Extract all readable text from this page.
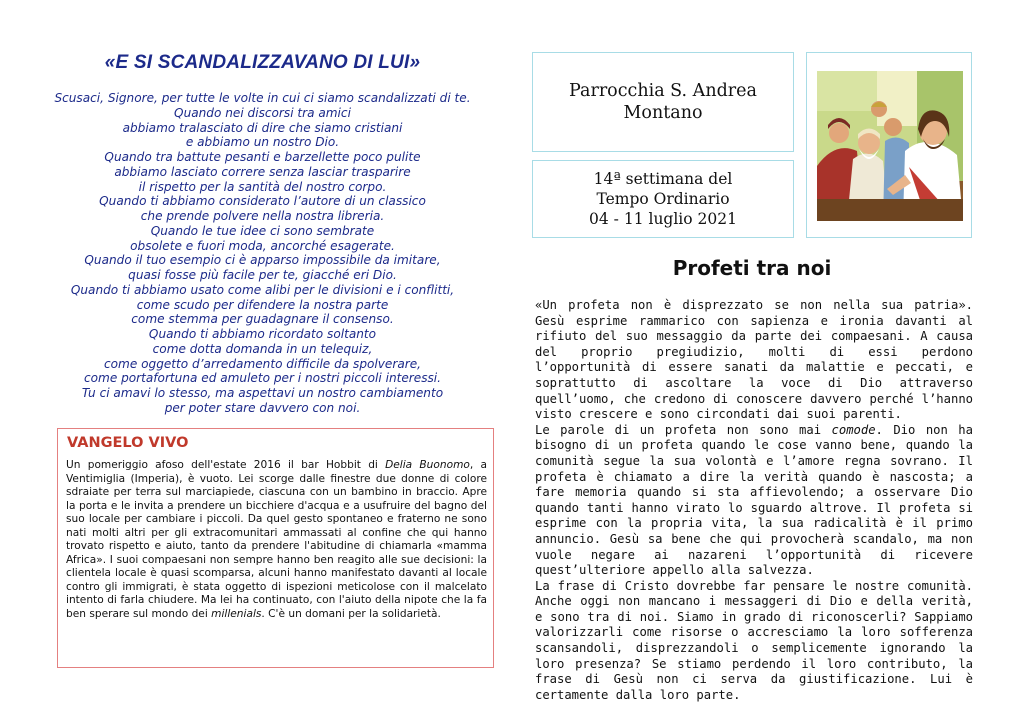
«E SI SCANDALIZZAVANO DI LUI»
Scusaci, Signore, per tutte le volte in cui ci siamo scandalizzati di te.
Quando nei discorsi tra amici
abbiamo tralasciato di dire che siamo cristiani
e abbiamo un nostro Dio.
Quando tra battute pesanti e barzellette poco pulite
abbiamo lasciato correre senza lasciar trasparire
il rispetto per la santità del nostro corpo.
Quando ti abbiamo considerato l’autore di un classico
che prende polvere nella nostra libreria.
Quando le tue idee ci sono sembrate
obsolete e fuori moda, ancorché esagerate.
Quando il tuo esempio ci è apparso impossibile da imitare,
quasi fosse più facile per te, giacché eri Dio.
Quando ti abbiamo usato come alibi per le divisioni e i conflitti,
come scudo per difendere la nostra parte
come stemma per guadagnare il consenso.
Quando ti abbiamo ricordato soltanto
come dotta domanda in un telequiz,
come oggetto d’arredamento difficile da spolverare,
come portafortuna ed amuleto per i nostri piccoli interessi.
Tu ci amavi lo stesso, ma aspettavi un nostro cambiamento
per poter stare davvero con noi.
VANGELO VIVO
Un pomeriggio afoso dell'estate 2016 il bar Hobbit di Delia Buonomo, a Ventimiglia (Imperia), è vuoto. Lei scorge dalle finestre due donne di colore sdraiate per terra sul marciapiede, ciascuna con un bambino in braccio. Apre la porta e le invita a prendere un bicchiere d'acqua e a usufruire del bagno del suo locale per cambiare i piccoli. Da quel gesto spontaneo e fraterno ne sono nati molti altri per gli extracomunitari ammassati al confine che qui hanno trovato rispetto e aiuto, tanto da prendere l'abitudine di chiamarla «mamma Africa». I suoi compaesani non sempre hanno ben reagito alle sue decisioni: la clientela locale è quasi scomparsa, alcuni hanno manifestato davanti al locale contro gli immigrati, è stata oggetto di ispezioni meticolose con il malcelato intento di farla chiudere. Ma lei ha continuato, con l'aiuto della nipote che la fa ben sperare sul mondo dei millenials. C'è un domani per la solidarietà.
Parrocchia S. Andrea
Montano
14ª settimana del
Tempo Ordinario
04 - 11 luglio 2021
Profeti tra noi

«Un profeta non è disprezzato se non nella sua patria». Gesù esprime rammarico con sapienza e ironia davanti al rifiuto del suo messaggio da parte dei compaesani. A causa del proprio pregiudizio, molti di essi perdono l’opportunità di essere sanati da malattie e peccati, e soprattutto di ascoltare la voce di Dio attraverso quell’uomo, che credono di conoscere davvero perché l’hanno visto crescere e sono circondati dai suoi parenti.

Le parole di un profeta non sono mai comode. Dio non ha bisogno di un profeta quando le cose vanno bene, quando la comunità segue la sua volontà e l’amore regna sovrano. Il profeta è chiamato a dire la verità quando è nascosta; a fare memoria quando si sta affievolendo; a osservare Dio quando tanti hanno virato lo sguardo altrove. Il profeta si esprime con la propria vita, la sua radicalità è il primo annuncio. Gesù sa bene che qui provocherà scandalo, ma non vuole negare ai nazareni l’opportunità di ricevere quest’ulteriore appello alla salvezza.

La frase di Cristo dovrebbe far pensare le nostre comunità. Anche oggi non mancano i messaggeri di Dio e della verità, e sono tra di noi. Siamo in grado di riconoscerli? Sappiamo valorizzarli come risorse o accresciamo la loro sofferenza scansandoli, disprezzandoli o semplicemente ignorando la loro presenza? Se stiamo perdendo il loro contributo, la frase di Gesù non ci serva da giustificazione. Lui è certamente dalla loro parte.
